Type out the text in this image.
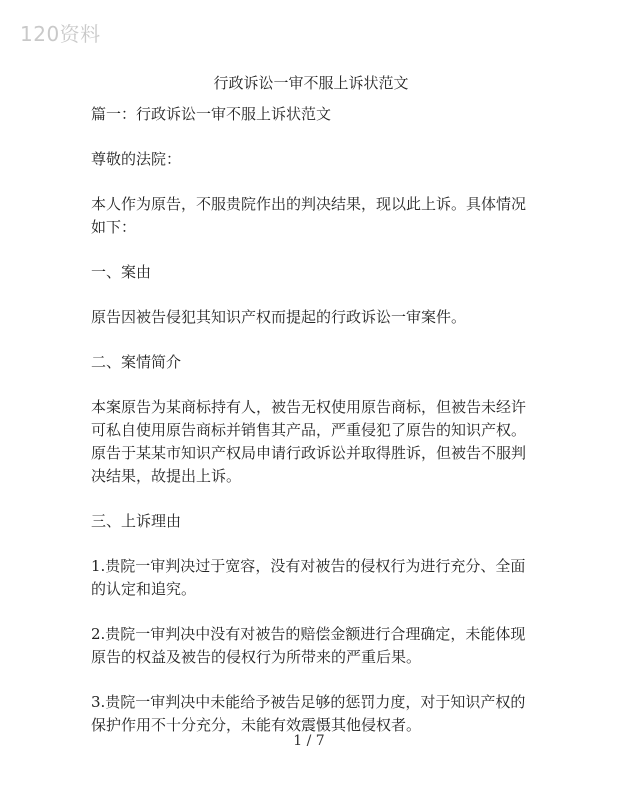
120资料
行政诉讼一审不服上诉状范文

篇一：行政诉讼一审不服上诉状范文

尊敬的法院：

本人作为原告，不服贵院作出的判决结果，现以此上诉。具体情况如下：

一、案由

原告因被告侵犯其知识产权而提起的行政诉讼一审案件。

二、案情简介

本案原告为某商标持有人，被告无权使用原告商标，但被告未经许可私自使用原告商标并销售其产品，严重侵犯了原告的知识产权。原告于某某市知识产权局申请行政诉讼并取得胜诉，但被告不服判决结果，故提出上诉。

三、上诉理由

1.贵院一审判决过于宽容，没有对被告的侵权行为进行充分、全面的认定和追究。

2.贵院一审判决中没有对被告的赔偿金额进行合理确定，未能体现原告的权益及被告的侵权行为所带来的严重后果。

3.贵院一审判决中未能给予被告足够的惩罚力度，对于知识产权的保护作用不十分充分，未能有效震慑其他侵权者。

1 / 7
